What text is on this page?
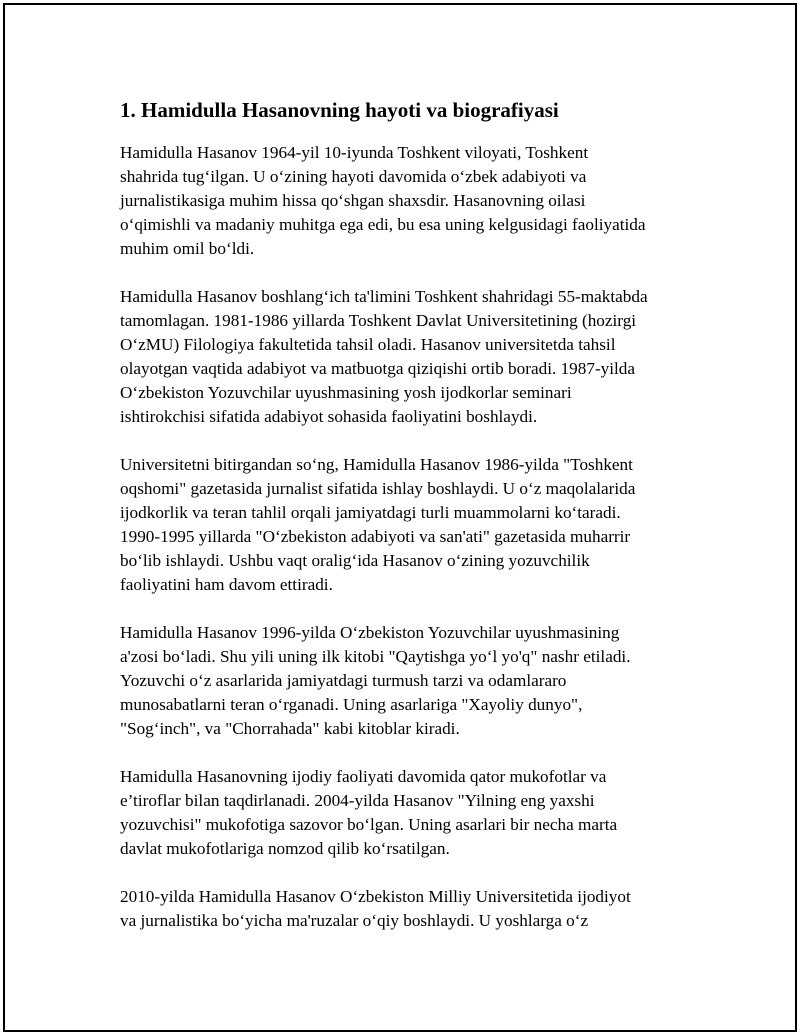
1. Hamidulla Hasanovning hayoti va biografiyasi

Hamidulla Hasanov 1964-yil 10-iyunda Toshkent viloyati, Toshkent
shahrida tug‘ilgan. U o‘zining hayoti davomida o‘zbek adabiyoti va
jurnalistikasiga muhim hissa qo‘shgan shaxsdir. Hasanovning oilasi
o‘qimishli va madaniy muhitga ega edi, bu esa uning kelgusidagi faoliyatida
muhim omil bo‘ldi.

Hamidulla Hasanov boshlang‘ich ta'limini Toshkent shahridagi 55-maktabda
tamomlagan. 1981-1986 yillarda Toshkent Davlat Universitetining (hozirgi
O‘zMU) Filologiya fakultetida tahsil oladi. Hasanov universitetda tahsil
olayotgan vaqtida adabiyot va matbuotga qiziqishi ortib boradi. 1987-yilda
O‘zbekiston Yozuvchilar uyushmasining yosh ijodkorlar seminari
ishtirokchisi sifatida adabiyot sohasida faoliyatini boshlaydi.

Universitetni bitirgandan so‘ng, Hamidulla Hasanov 1986-yilda "Toshkent
oqshomi" gazetasida jurnalist sifatida ishlay boshlaydi. U o‘z maqolalarida
ijodkorlik va teran tahlil orqali jamiyatdagi turli muammolarni ko‘taradi.
1990-1995 yillarda "O‘zbekiston adabiyoti va san'ati" gazetasida muharrir
bo‘lib ishlaydi. Ushbu vaqt oralig‘ida Hasanov o‘zining yozuvchilik
faoliyatini ham davom ettiradi.

Hamidulla Hasanov 1996-yilda O‘zbekiston Yozuvchilar uyushmasining
a'zosi bo‘ladi. Shu yili uning ilk kitobi "Qaytishga yo‘l yo'q" nashr etiladi.
Yozuvchi o‘z asarlarida jamiyatdagi turmush tarzi va odamlararo
munosabatlarni teran o‘rganadi. Uning asarlariga "Xayoliy dunyo",
"Sog‘inch", va "Chorrahada" kabi kitoblar kiradi.

Hamidulla Hasanovning ijodiy faoliyati davomida qator mukofotlar va
e’tiroflar bilan taqdirlanadi. 2004-yilda Hasanov "Yilning eng yaxshi
yozuvchisi" mukofotiga sazovor bo‘lgan. Uning asarlari bir necha marta
davlat mukofotlariga nomzod qilib ko‘rsatilgan.

2010-yilda Hamidulla Hasanov O‘zbekiston Milliy Universitetida ijodiyot
va jurnalistika bo‘yicha ma'ruzalar o‘qiy boshlaydi. U yoshlarga o‘z
